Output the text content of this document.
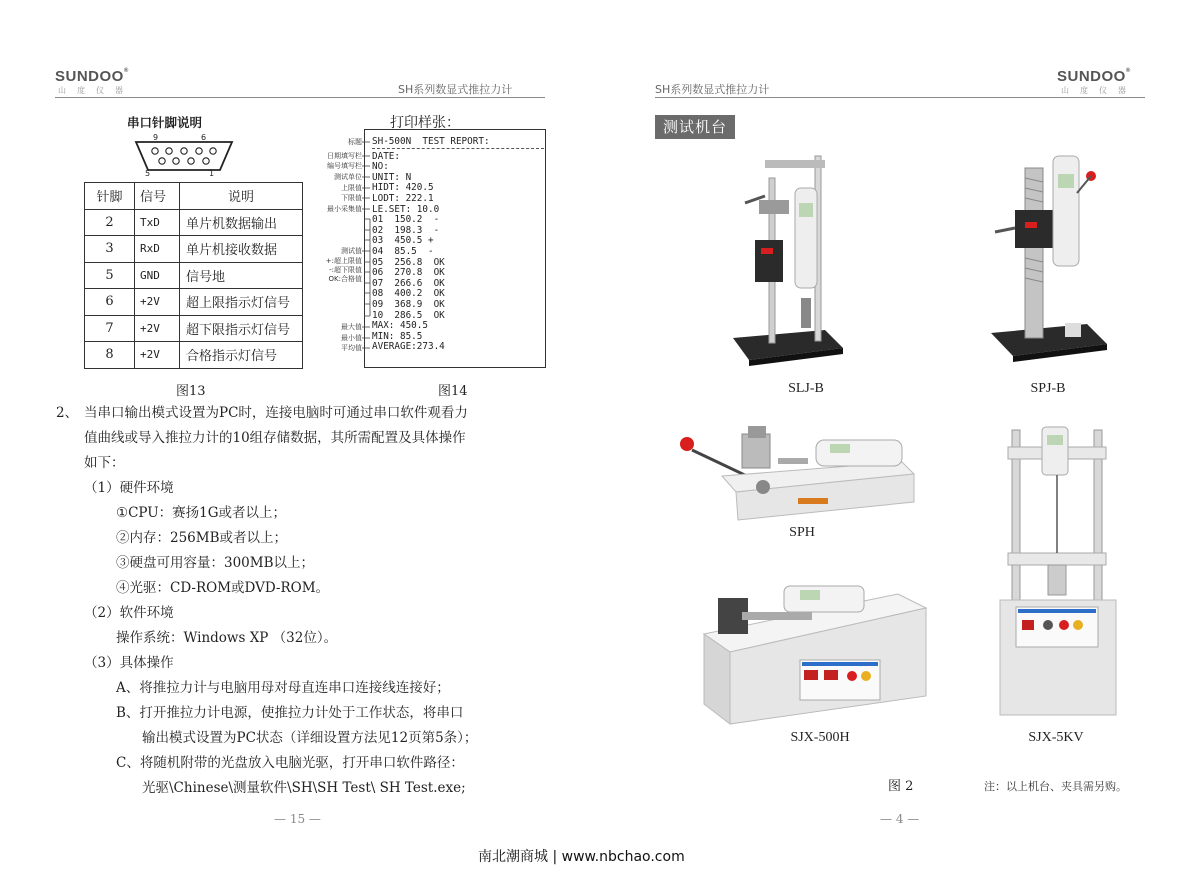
SUNDOO®
山度仪器	SH系列数显式推拉力计
串口针脚说明
9	6
5	1
针脚	信号	说明
2	TxD	单片机数据输出
3	RxD	单片机接收数据
5	GND	信号地
6	+2V	超上限指示灯信号
7	+2V	超下限指示灯信号
8	+2V	合格指示灯信号
打印样张：
标题
日期填写栏
编号填写栏
测试单位
上限值
下限值
最小采集值
测试值
+:超上限值
-:超下限值
OK:合格值
最大值
最小值
平均值
SH-500N  TEST REPORT:
DATE:
NO:
UNIT: N
HIDT: 420.5
LODT: 222.1
LE.SET: 10.0
01  150.2  -
02  198.3  -
03  450.5 +
04  85.5  -
05  256.8  OK
06  270.8  OK
07  266.6  OK
08  400.2  OK
09  368.9  OK
10  286.5  OK
MAX: 450.5
MIN: 85.5
AVERAGE:273.4
图13	图14
2、 当串口输出模式设置为PC时，连接电脑时可通过串口软件观看力
值曲线或导入推拉力计的10组存储数据，其所需配置及具体操作
如下：
（1）硬件环境
①CPU：赛扬1G或者以上；
②内存：256MB或者以上；
③硬盘可用容量：300MB以上；
④光驱：CD-ROM或DVD-ROM。
（2）软件环境
操作系统：Windows XP （32位）。
（3）具体操作
A、将推拉力计与电脑用母对母直连串口连接线连接好；
B、打开推拉力计电源，使推拉力计处于工作状态，将串口
输出模式设置为PC状态（详细设置方法见12页第5条）；
C、将随机附带的光盘放入电脑光驱，打开串口软件路径：
光驱\Chinese\测量软件\SH\SH Test\ SH Test.exe;
— 15 —
SH系列数显式推拉力计
SUNDOO®
山度仪器
测试机台
SLJ-B	SPJ-B
SPH
SJX-500H	SJX-5KV
图 2	注：以上机台、夹具需另购。
— 4 —
南北潮商城 | www.nbchao.com
